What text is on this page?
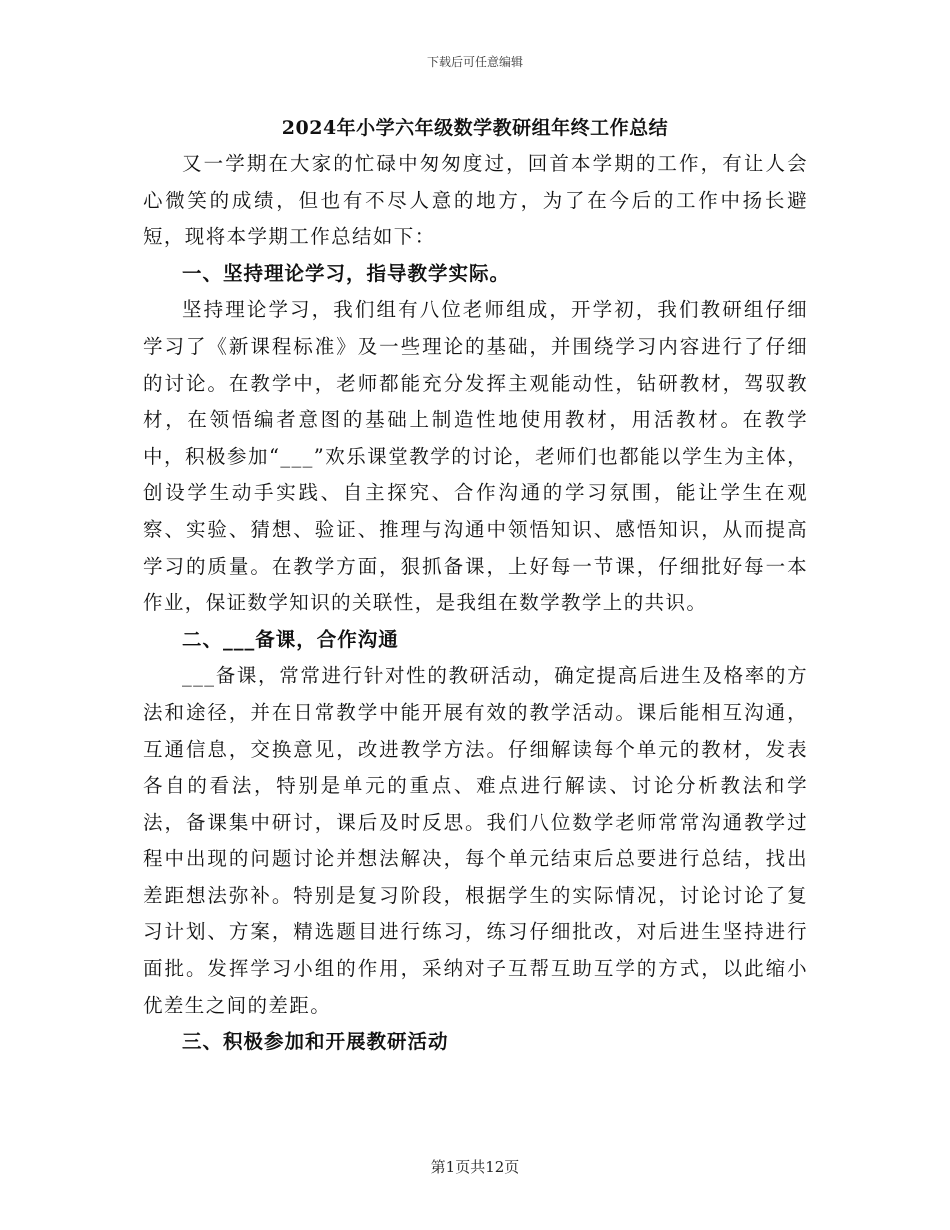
下载后可任意编辑
2024年小学六年级数学教研组年终工作总结

又一学期在大家的忙碌中匆匆度过，回首本学期的工作，有让人会心微笑的成绩，但也有不尽人意的地方，为了在今后的工作中扬长避短，现将本学期工作总结如下：

一、坚持理论学习，指导教学实际。

坚持理论学习，我们组有八位老师组成，开学初，我们教研组仔细学习了《新课程标准》及一些理论的基础，并围绕学习内容进行了仔细的讨论。在教学中，老师都能充分发挥主观能动性，钻研教材，驾驭教材，在领悟编者意图的基础上制造性地使用教材，用活教材。在教学中，积极参加“___”欢乐课堂教学的讨论，老师们也都能以学生为主体，创设学生动手实践、自主探究、合作沟通的学习氛围，能让学生在观察、实验、猜想、验证、推理与沟通中领悟知识、感悟知识，从而提高学习的质量。在教学方面，狠抓备课，上好每一节课，仔细批好每一本作业，保证数学知识的关联性，是我组在数学教学上的共识。

二、___备课，合作沟通

___备课，常常进行针对性的教研活动，确定提高后进生及格率的方法和途径，并在日常教学中能开展有效的教学活动。课后能相互沟通，互通信息，交换意见，改进教学方法。仔细解读每个单元的教材，发表各自的看法，特别是单元的重点、难点进行解读、讨论分析教法和学法，备课集中研讨，课后及时反思。我们八位数学老师常常沟通教学过程中出现的问题讨论并想法解决，每个单元结束后总要进行总结，找出差距想法弥补。特别是复习阶段，根据学生的实际情况，讨论讨论了复习计划、方案，精选题目进行练习，练习仔细批改，对后进生坚持进行面批。发挥学习小组的作用，采纳对子互帮互助互学的方式，以此缩小优差生之间的差距。

三、积极参加和开展教研活动

第1页共12页
